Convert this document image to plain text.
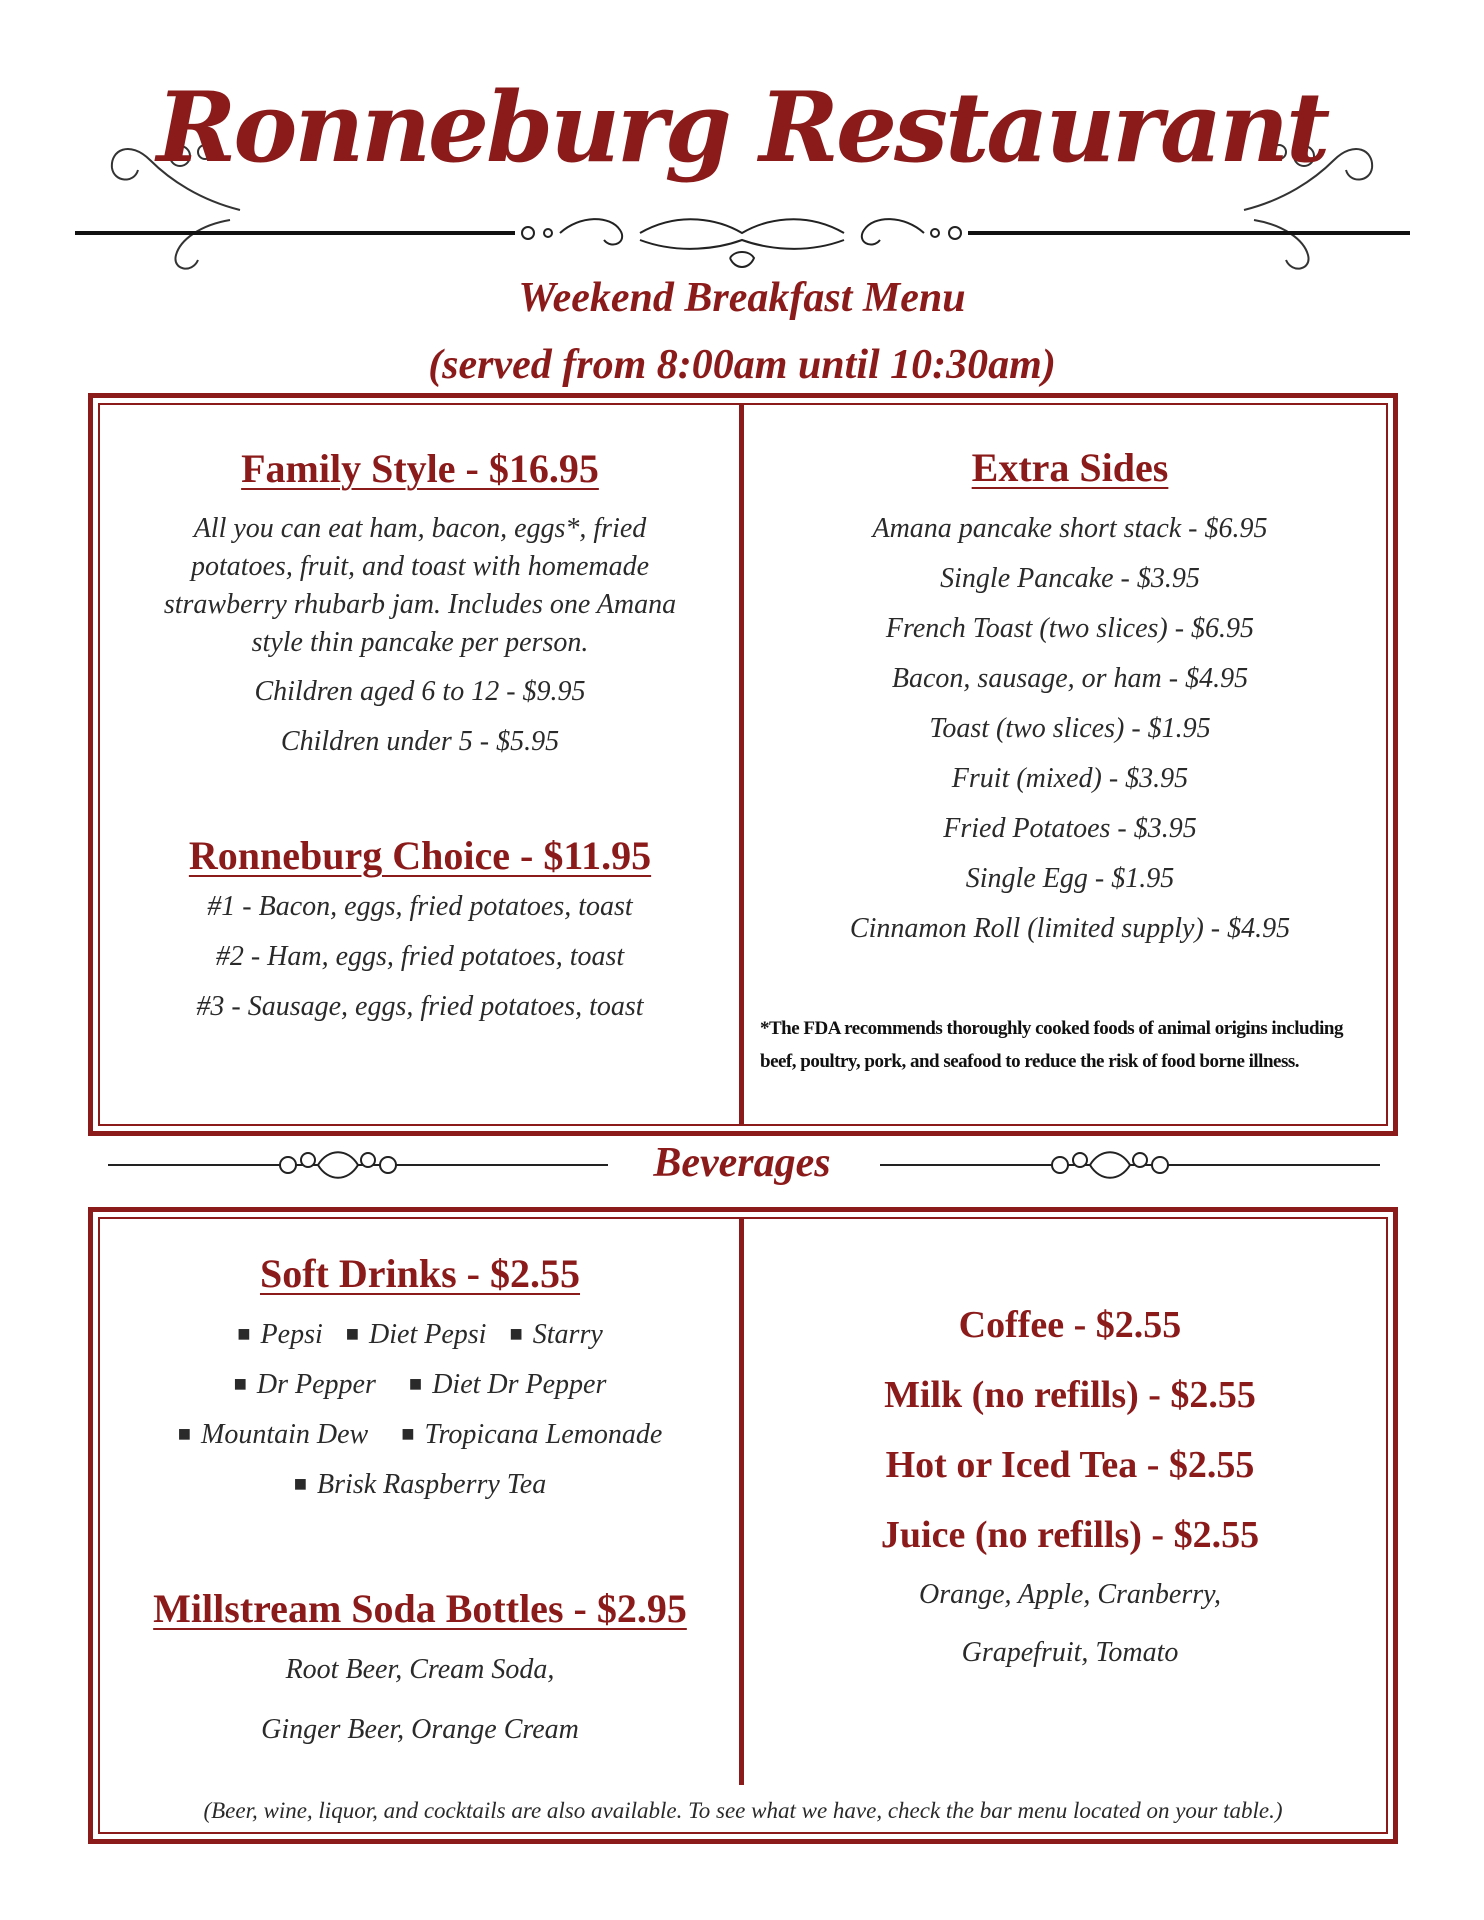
Ronneburg Restaurant
Weekend Breakfast Menu
(served from 8:00am until 10:30am)
Family Style - $16.95
All you can eat ham, bacon, eggs*, fried
potatoes, fruit, and toast with homemade
strawberry rhubarb jam. Includes one Amana
style thin pancake per person.
Children aged 6 to 12 - $9.95
Children under 5 - $5.95
Ronneburg Choice - $11.95
#1 - Bacon, eggs, fried potatoes, toast
#2 - Ham, eggs, fried potatoes, toast
#3 - Sausage, eggs, fried potatoes, toast
Extra Sides
Amana pancake short stack - $6.95
Single Pancake - $3.95
French Toast (two slices) - $6.95
Bacon, sausage, or ham - $4.95
Toast (two slices) - $1.95
Fruit (mixed) - $3.95
Fried Potatoes - $3.95
Single Egg - $1.95
Cinnamon Roll (limited supply) - $4.95
*The FDA recommends thoroughly cooked foods of animal origins including beef, poultry, pork, and seafood to reduce the risk of food borne illness.
Beverages
Soft Drinks - $2.55
■ Pepsi ■ Diet Pepsi ■ Starry
■ Dr Pepper ■ Diet Dr Pepper
■ Mountain Dew ■ Tropicana Lemonade
■ Brisk Raspberry Tea
Millstream Soda Bottles - $2.95
Root Beer, Cream Soda,
Ginger Beer, Orange Cream
Coffee - $2.55
Milk (no refills) - $2.55
Hot or Iced Tea - $2.55
Juice (no refills) - $2.55
Orange, Apple, Cranberry,
Grapefruit, Tomato
(Beer, wine, liquor, and cocktails are also available. To see what we have, check the bar menu located on your table.)
